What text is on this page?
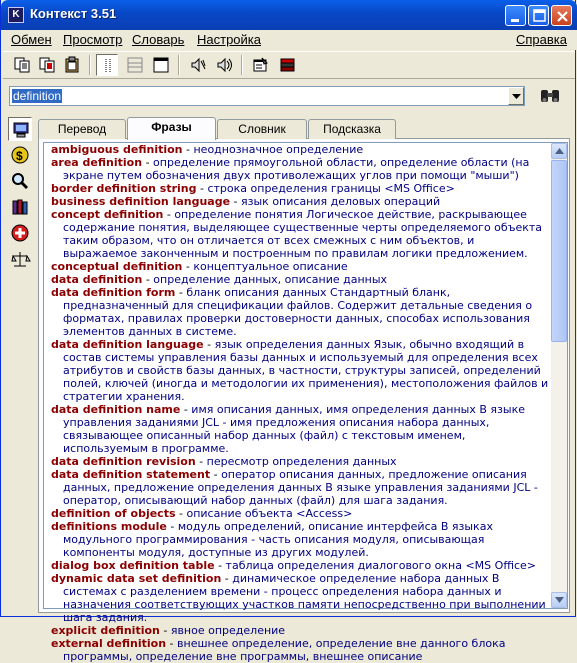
K Контекст 3.51
Обмен Просмотр Словарь Настройка	Справка
definition
$
Перевод	Фразы	Словник	Подсказка

ambiguous definition - неоднозначное определение

area definition - определение прямоугольной области, определение области (на экране путем обозначения двух противолежащих углов при помощи "мыши")

border definition string - строка определения границы <MS Office>

business definition language - язык описания деловых операций

concept definition - определение понятия Логическое действие, раскрывающее содержание понятия, выделяющее существенные черты определяемого объекта таким образом, что он отличается от всех смежных с ним объектов, и выражаемое законченным и построенным по правилам логики предложением.

conceptual definition - концептуальное описание

data definition - определение данных, описание данных

data definition form - бланк описания данных Стандартный бланк, предназначенный для спецификации файлов. Содержит детальные сведения о форматах, правилах проверки достоверности данных, способах использования элементов данных в системе.

data definition language - язык определения данных Язык, обычно входящий в состав системы управления базы данных и используемый для определения всех атрибутов и свойств базы данных, в частности, структуры записей, определений полей, ключей (иногда и методологии их применения), местоположения файлов и стратегии хранения.

data definition name - имя описания данных, имя определения данных В языке управления заданиями JCL - имя предложения описания набора данных, связывающее описанный набор данных (файл) с текстовым именем, используемым в программе.

data definition revision - пересмотр определения данных

data definition statement - оператор описания данных, предложение описания данных, предложение определения данных В языке управления заданиями JCL - оператор, описывающий набор данных (файл) для шага задания.

definition of objects - описание объекта <Access>

definitions module - модуль определений, описание интерфейса В языках модульного программирования - часть описания модуля, описывающая компоненты модуля, доступные из других модулей.

dialog box definition table - таблица определения диалогового окна <MS Office>

dynamic data set definition - динамическое определение набора данных В системах с разделением времени - процесс определения набора данных и назначения соответствующих участков памяти непосредственно при выполнении шага задания.

explicit definition - явное определение

external definition - внешнее определение, определение вне данного блока программы, определение вне программы, внешнее описание
